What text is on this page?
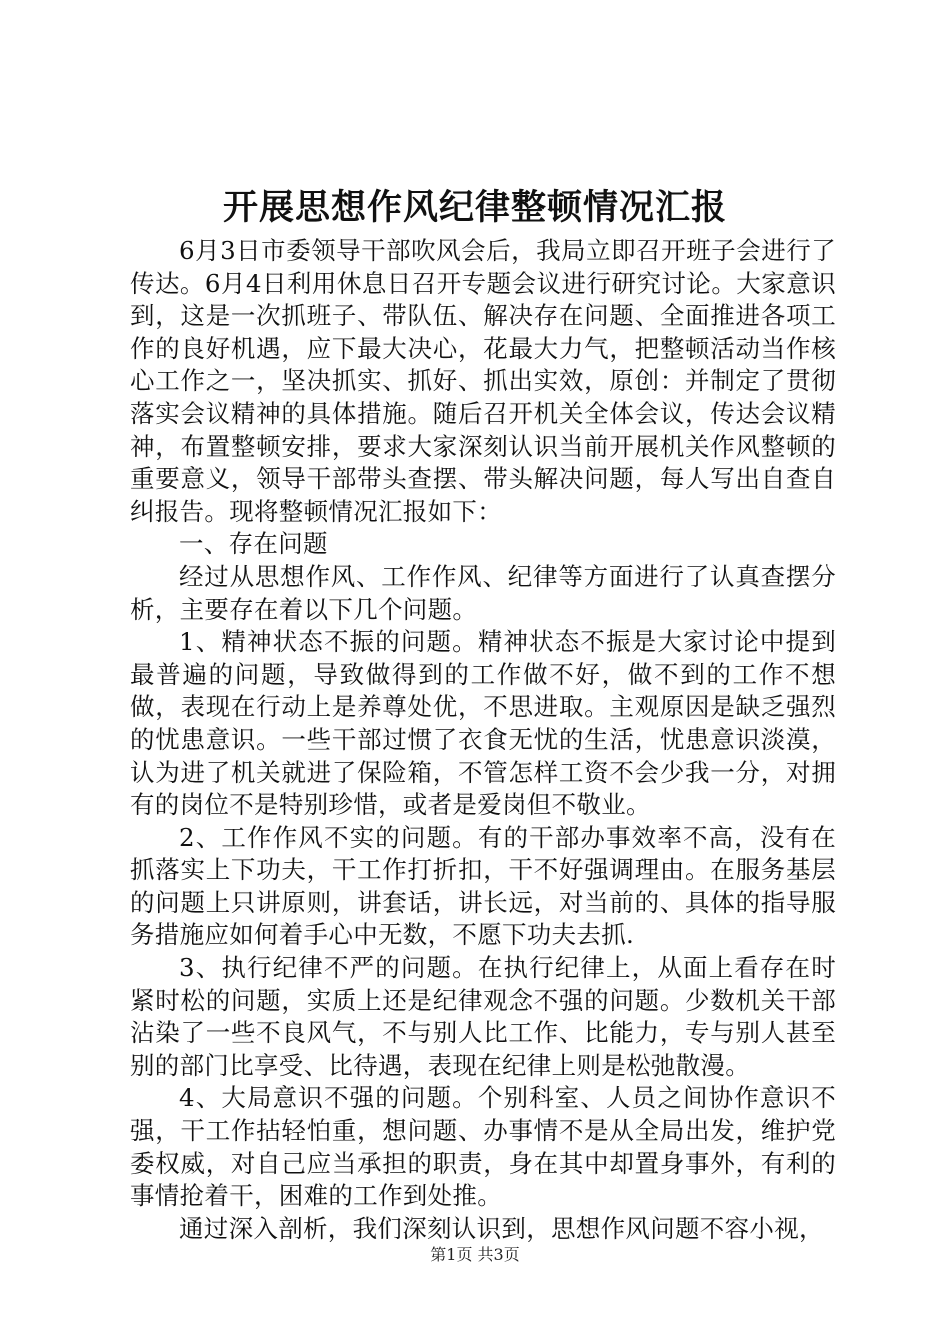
开展思想作风纪律整顿情况汇报

6月3日市委领导干部吹风会后，我局立即召开班子会进行了传达。6月4日利用休息日召开专题会议进行研究讨论。大家意识到，这是一次抓班子、带队伍、解决存在问题、全面推进各项工作的良好机遇，应下最大决心，花最大力气，把整顿活动当作核心工作之一，坚决抓实、抓好、抓出实效，原创：并制定了贯彻落实会议精神的具体措施。随后召开机关全体会议，传达会议精神，布置整顿安排，要求大家深刻认识当前开展机关作风整顿的重要意义，领导干部带头查摆、带头解决问题，每人写出自查自纠报告。现将整顿情况汇报如下：

一、存在问题

经过从思想作风、工作作风、纪律等方面进行了认真查摆分析，主要存在着以下几个问题。

1、精神状态不振的问题。精神状态不振是大家讨论中提到最普遍的问题，导致做得到的工作做不好，做不到的工作不想做，表现在行动上是养尊处优，不思进取。主观原因是缺乏强烈的忧患意识。一些干部过惯了衣食无忧的生活，忧患意识淡漠，认为进了机关就进了保险箱，不管怎样工资不会少我一分，对拥有的岗位不是特别珍惜，或者是爱岗但不敬业。

2、工作作风不实的问题。有的干部办事效率不高，没有在抓落实上下功夫，干工作打折扣，干不好强调理由。在服务基层的问题上只讲原则，讲套话，讲长远，对当前的、具体的指导服务措施应如何着手心中无数，不愿下功夫去抓.

3、执行纪律不严的问题。在执行纪律上，从面上看存在时紧时松的问题，实质上还是纪律观念不强的问题。少数机关干部沾染了一些不良风气，不与别人比工作、比能力，专与别人甚至别的部门比享受、比待遇，表现在纪律上则是松弛散漫。

4、大局意识不强的问题。个别科室、人员之间协作意识不强，干工作拈轻怕重，想问题、办事情不是从全局出发，维护党委权威，对自己应当承担的职责，身在其中却置身事外，有利的事情抢着干，困难的工作到处推。

通过深入剖析，我们深刻认识到，思想作风问题不容小视，

第1页 共3页
